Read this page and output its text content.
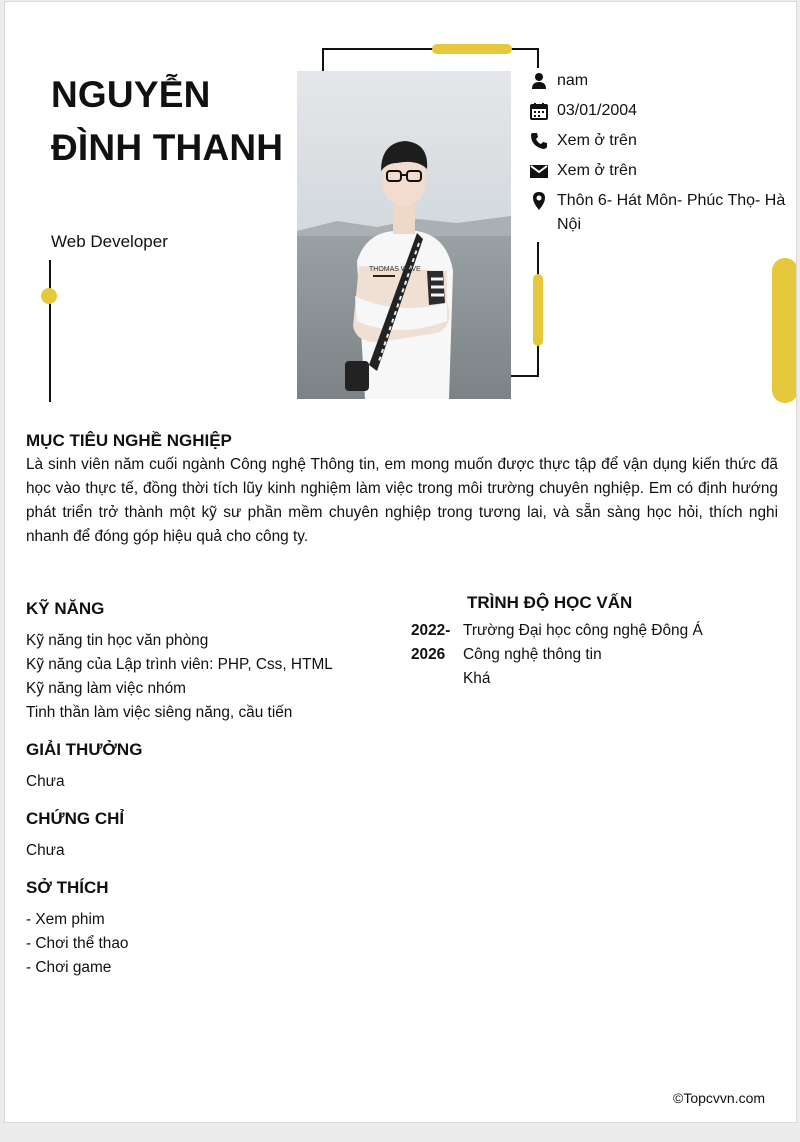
NGUYỄN ĐÌNH THANH
Web Developer
THOMAS WAVE
nam
03/01/2004
Xem ở trên
Xem ở trên
Thôn 6- Hát Môn- Phúc Thọ- Hà Nội
MỤC TIÊU NGHỀ NGHIỆP
Là sinh viên năm cuối ngành Công nghệ Thông tin, em mong muốn được thực tập để vận dụng kiến thức đã học vào thực tế, đồng thời tích lũy kinh nghiệm làm việc trong môi trường chuyên nghiệp. Em có định hướng phát triển trở thành một kỹ sư phần mềm chuyên nghiệp trong tương lai, và sẵn sàng học hỏi, thích nghi nhanh để đóng góp hiệu quả cho công ty.
KỸ NĂNG
Kỹ năng tin học văn phòng
Kỹ năng của Lập trình viên: PHP, Css, HTML
Kỹ năng làm việc nhóm
Tinh thần làm việc siêng năng, cầu tiến
GIẢI THƯỞNG
Chưa
CHỨNG CHỈ
Chưa
SỞ THÍCH
- Xem phim
- Chơi thể thao
- Chơi game
TRÌNH ĐỘ HỌC VẤN
2022-2026
Trường Đại học công nghệ Đông Á
Công nghệ thông tin
Khá
©Topcvvn.com
